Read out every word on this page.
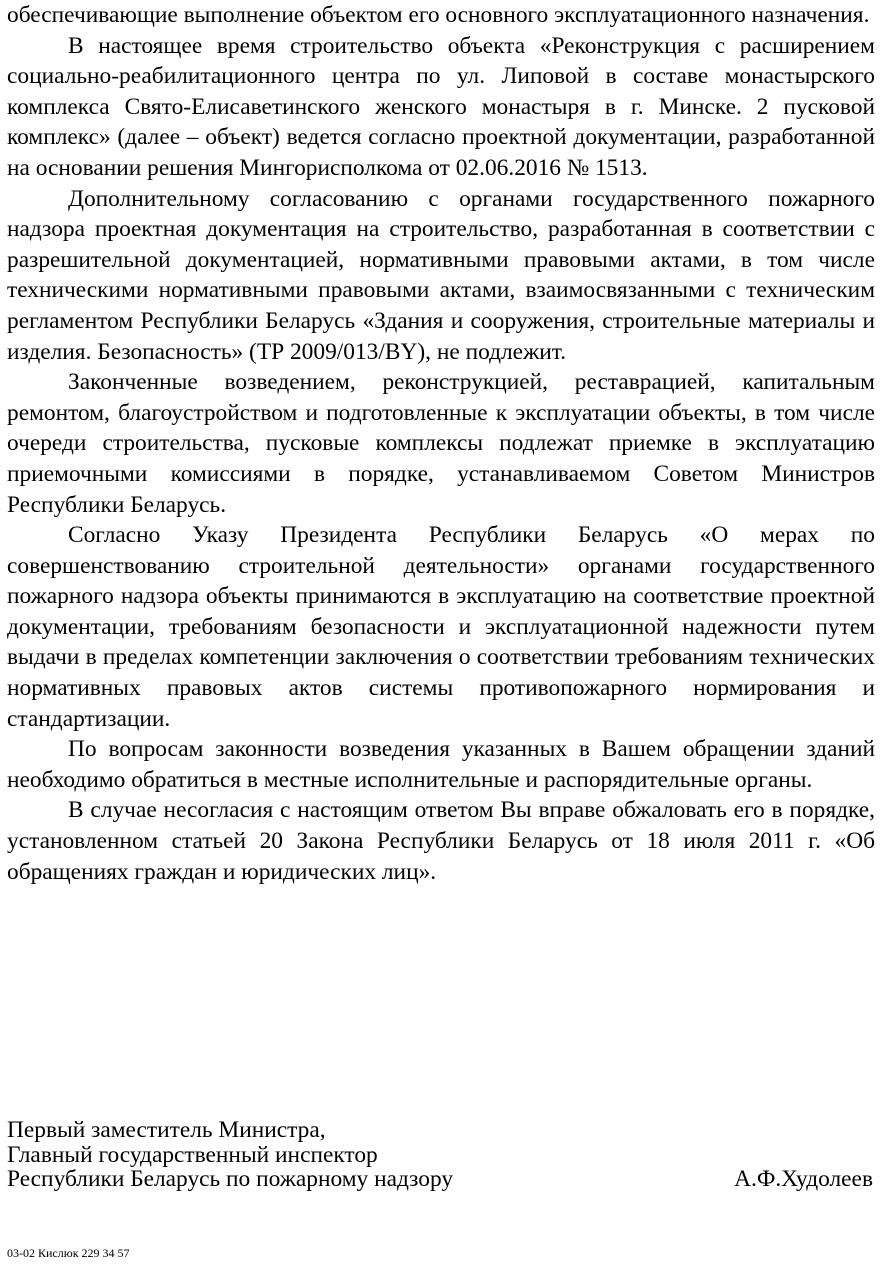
обеспечивающие выполнение объектом его основного эксплуатационного назначения.

В настоящее время строительство объекта «Реконструкция с расширением социально-реабилитационного центра по ул. Липовой в составе монастырского комплекса Свято-Елисаветинского женского монастыря в г. Минске. 2 пусковой комплекс» (далее – объект) ведется согласно проектной документации, разработанной на основании решения Мингорисполкома от 02.06.2016 № 1513.

Дополнительному согласованию с органами государственного пожарного надзора проектная документация на строительство, разработанная в соответствии с разрешительной документацией, нормативными правовыми актами, в том числе техническими нормативными правовыми актами, взаимосвязанными с техническим регламентом Республики Беларусь «Здания и сооружения, строительные материалы и изделия. Безопасность» (ТР 2009/013/BY), не подлежит.

Законченные возведением, реконструкцией, реставрацией, капитальным ремонтом, благоустройством и подготовленные к эксплуатации объекты, в том числе очереди строительства, пусковые комплексы подлежат приемке в эксплуатацию приемочными комиссиями в порядке, устанавливаемом Советом Министров Республики Беларусь.

Согласно Указу Президента Республики Беларусь «О мерах по совершенствованию строительной деятельности» органами государственного пожарного надзора объекты принимаются в эксплуатацию на соответствие проектной документации, требованиям безопасности и эксплуатационной надежности путем выдачи в пределах компетенции заключения о соответствии требованиям технических нормативных правовых актов системы противопожарного нормирования и стандартизации.

По вопросам законности возведения указанных в Вашем обращении зданий необходимо обратиться в местные исполнительные и распорядительные органы.

В случае несогласия с настоящим ответом Вы вправе обжаловать его в порядке, установленном статьей 20 Закона Республики Беларусь от 18 июля 2011 г. «Об обращениях граждан и юридических лиц».

Первый заместитель Министра,
Главный государственный инспектор
Республики Беларусь по пожарному надзору	А.Ф.Худолеев
03-02 Кислюк 229 34 57
